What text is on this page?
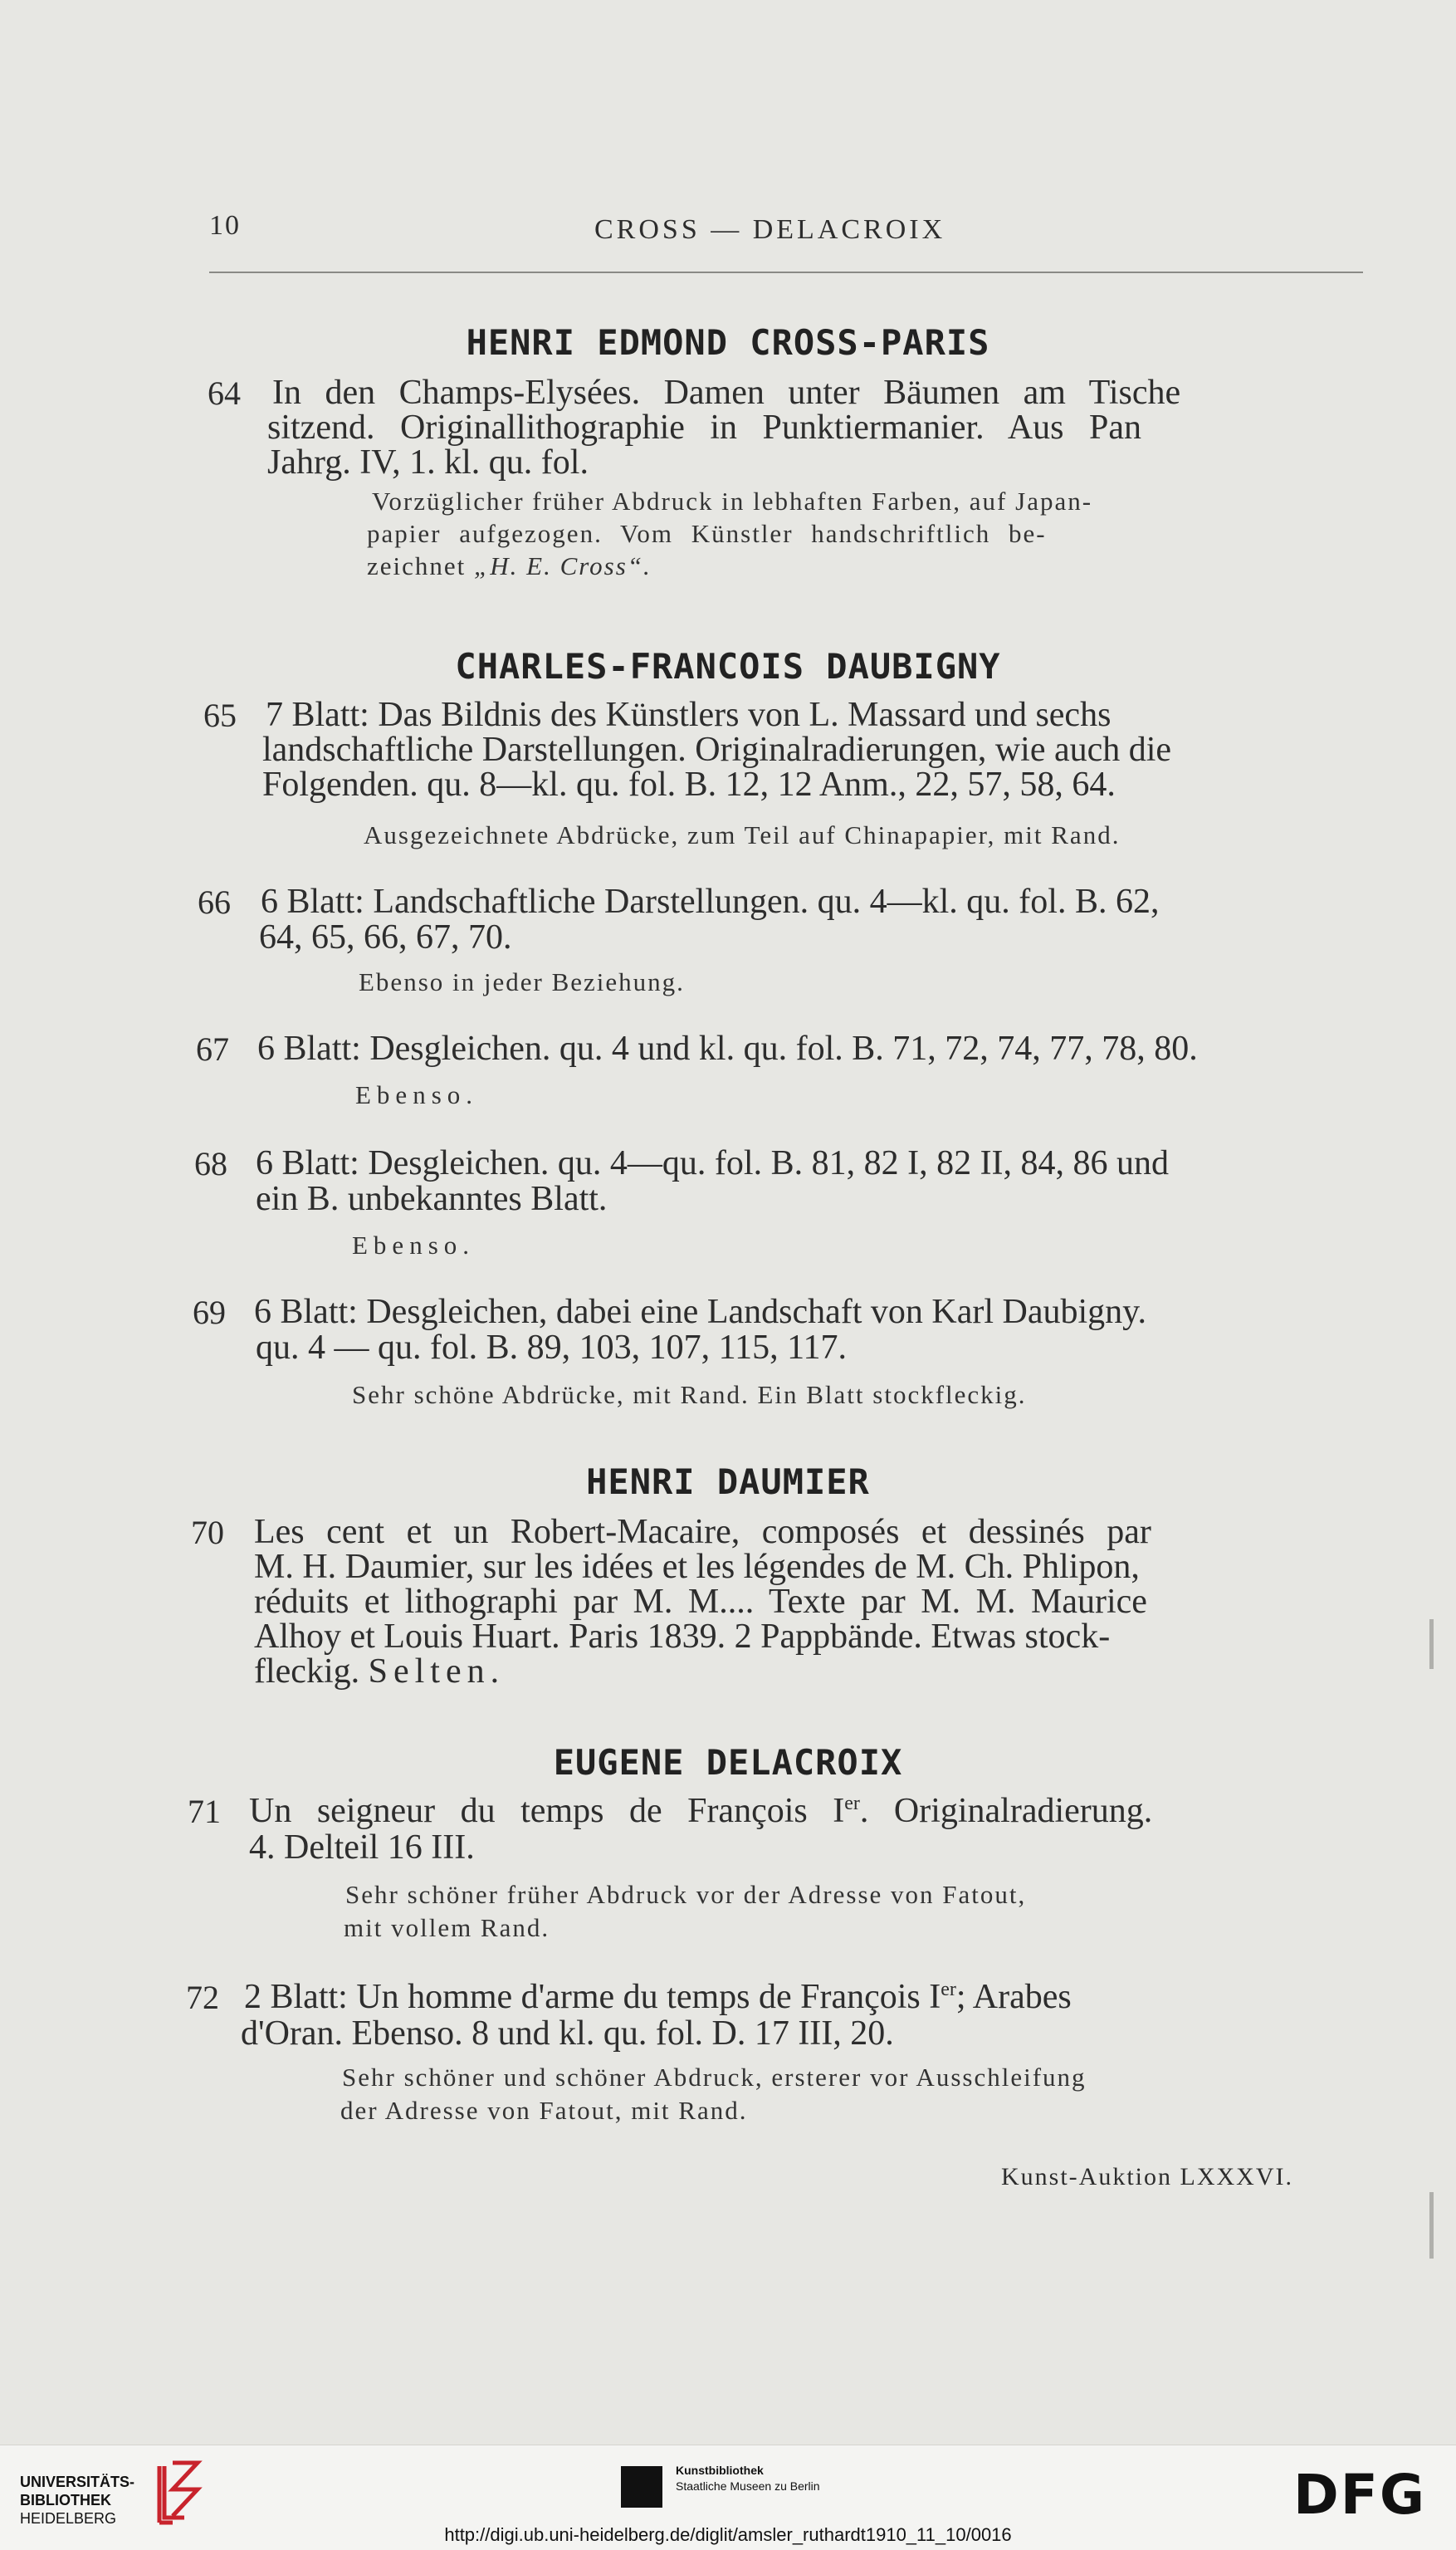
10	CROSS — DELACROIX
HENRI EDMOND CROSS-PARIS
64 In den Champs-Elysées. Damen unter Bäumen am Tische
sitzend. Originallithographie in Punktiermanier. Aus Pan
Jahrg. IV, 1. kl. qu. fol.
Vorzüglicher früher Abdruck in lebhaften Farben, auf Japan-
papier aufgezogen. Vom Künstler handschriftlich be-
zeichnet „H. E. Cross“.
CHARLES-FRANCOIS DAUBIGNY
65 7 Blatt: Das Bildnis des Künstlers von L. Massard und sechs
landschaftliche Darstellungen. Originalradierungen, wie auch die
Folgenden. qu. 8—kl. qu. fol. B. 12, 12 Anm., 22, 57, 58, 64.
Ausgezeichnete Abdrücke, zum Teil auf Chinapapier, mit Rand.
66 6 Blatt: Landschaftliche Darstellungen. qu. 4—kl. qu. fol. B. 62,
64, 65, 66, 67, 70.
Ebenso in jeder Beziehung.
67 6 Blatt: Desgleichen. qu. 4 und kl. qu. fol. B. 71, 72, 74, 77, 78, 80.
Ebenso.
68 6 Blatt: Desgleichen. qu. 4—qu. fol. B. 81, 82 I, 82 II, 84, 86 und
ein B. unbekanntes Blatt.
Ebenso.
69 6 Blatt: Desgleichen, dabei eine Landschaft von Karl Daubigny.
qu. 4 — qu. fol. B. 89, 103, 107, 115, 117.
Sehr schöne Abdrücke, mit Rand. Ein Blatt stockfleckig.
HENRI DAUMIER
70 Les cent et un Robert-Macaire, composés et dessinés par
M. H. Daumier, sur les idées et les légendes de M. Ch. Phlipon,
réduits et lithographi par M. M.... Texte par M. M. Maurice
Alhoy et Louis Huart. Paris 1839. 2 Pappbände. Etwas stock-
fleckig. Selten.
EUGENE DELACROIX
71 Un seigneur du temps de François Ier. Originalradierung.
4. Delteil 16 III.
Sehr schöner früher Abdruck vor der Adresse von Fatout,
mit vollem Rand.
72 2 Blatt: Un homme d'arme du temps de François Ier; Arabes
d'Oran. Ebenso. 8 und kl. qu. fol. D. 17 III, 20.
Sehr schöner und schöner Abdruck, ersterer vor Ausschleifung
der Adresse von Fatout, mit Rand.
Kunst-Auktion LXXXVI.
UNIVERSITÄTS-
BIBLIOTHEK
HEIDELBERG
Kunstbibliothek
Staatliche Museen zu Berlin	DFG
http://digi.ub.uni-heidelberg.de/diglit/amsler_ruthardt1910_11_10/0016
